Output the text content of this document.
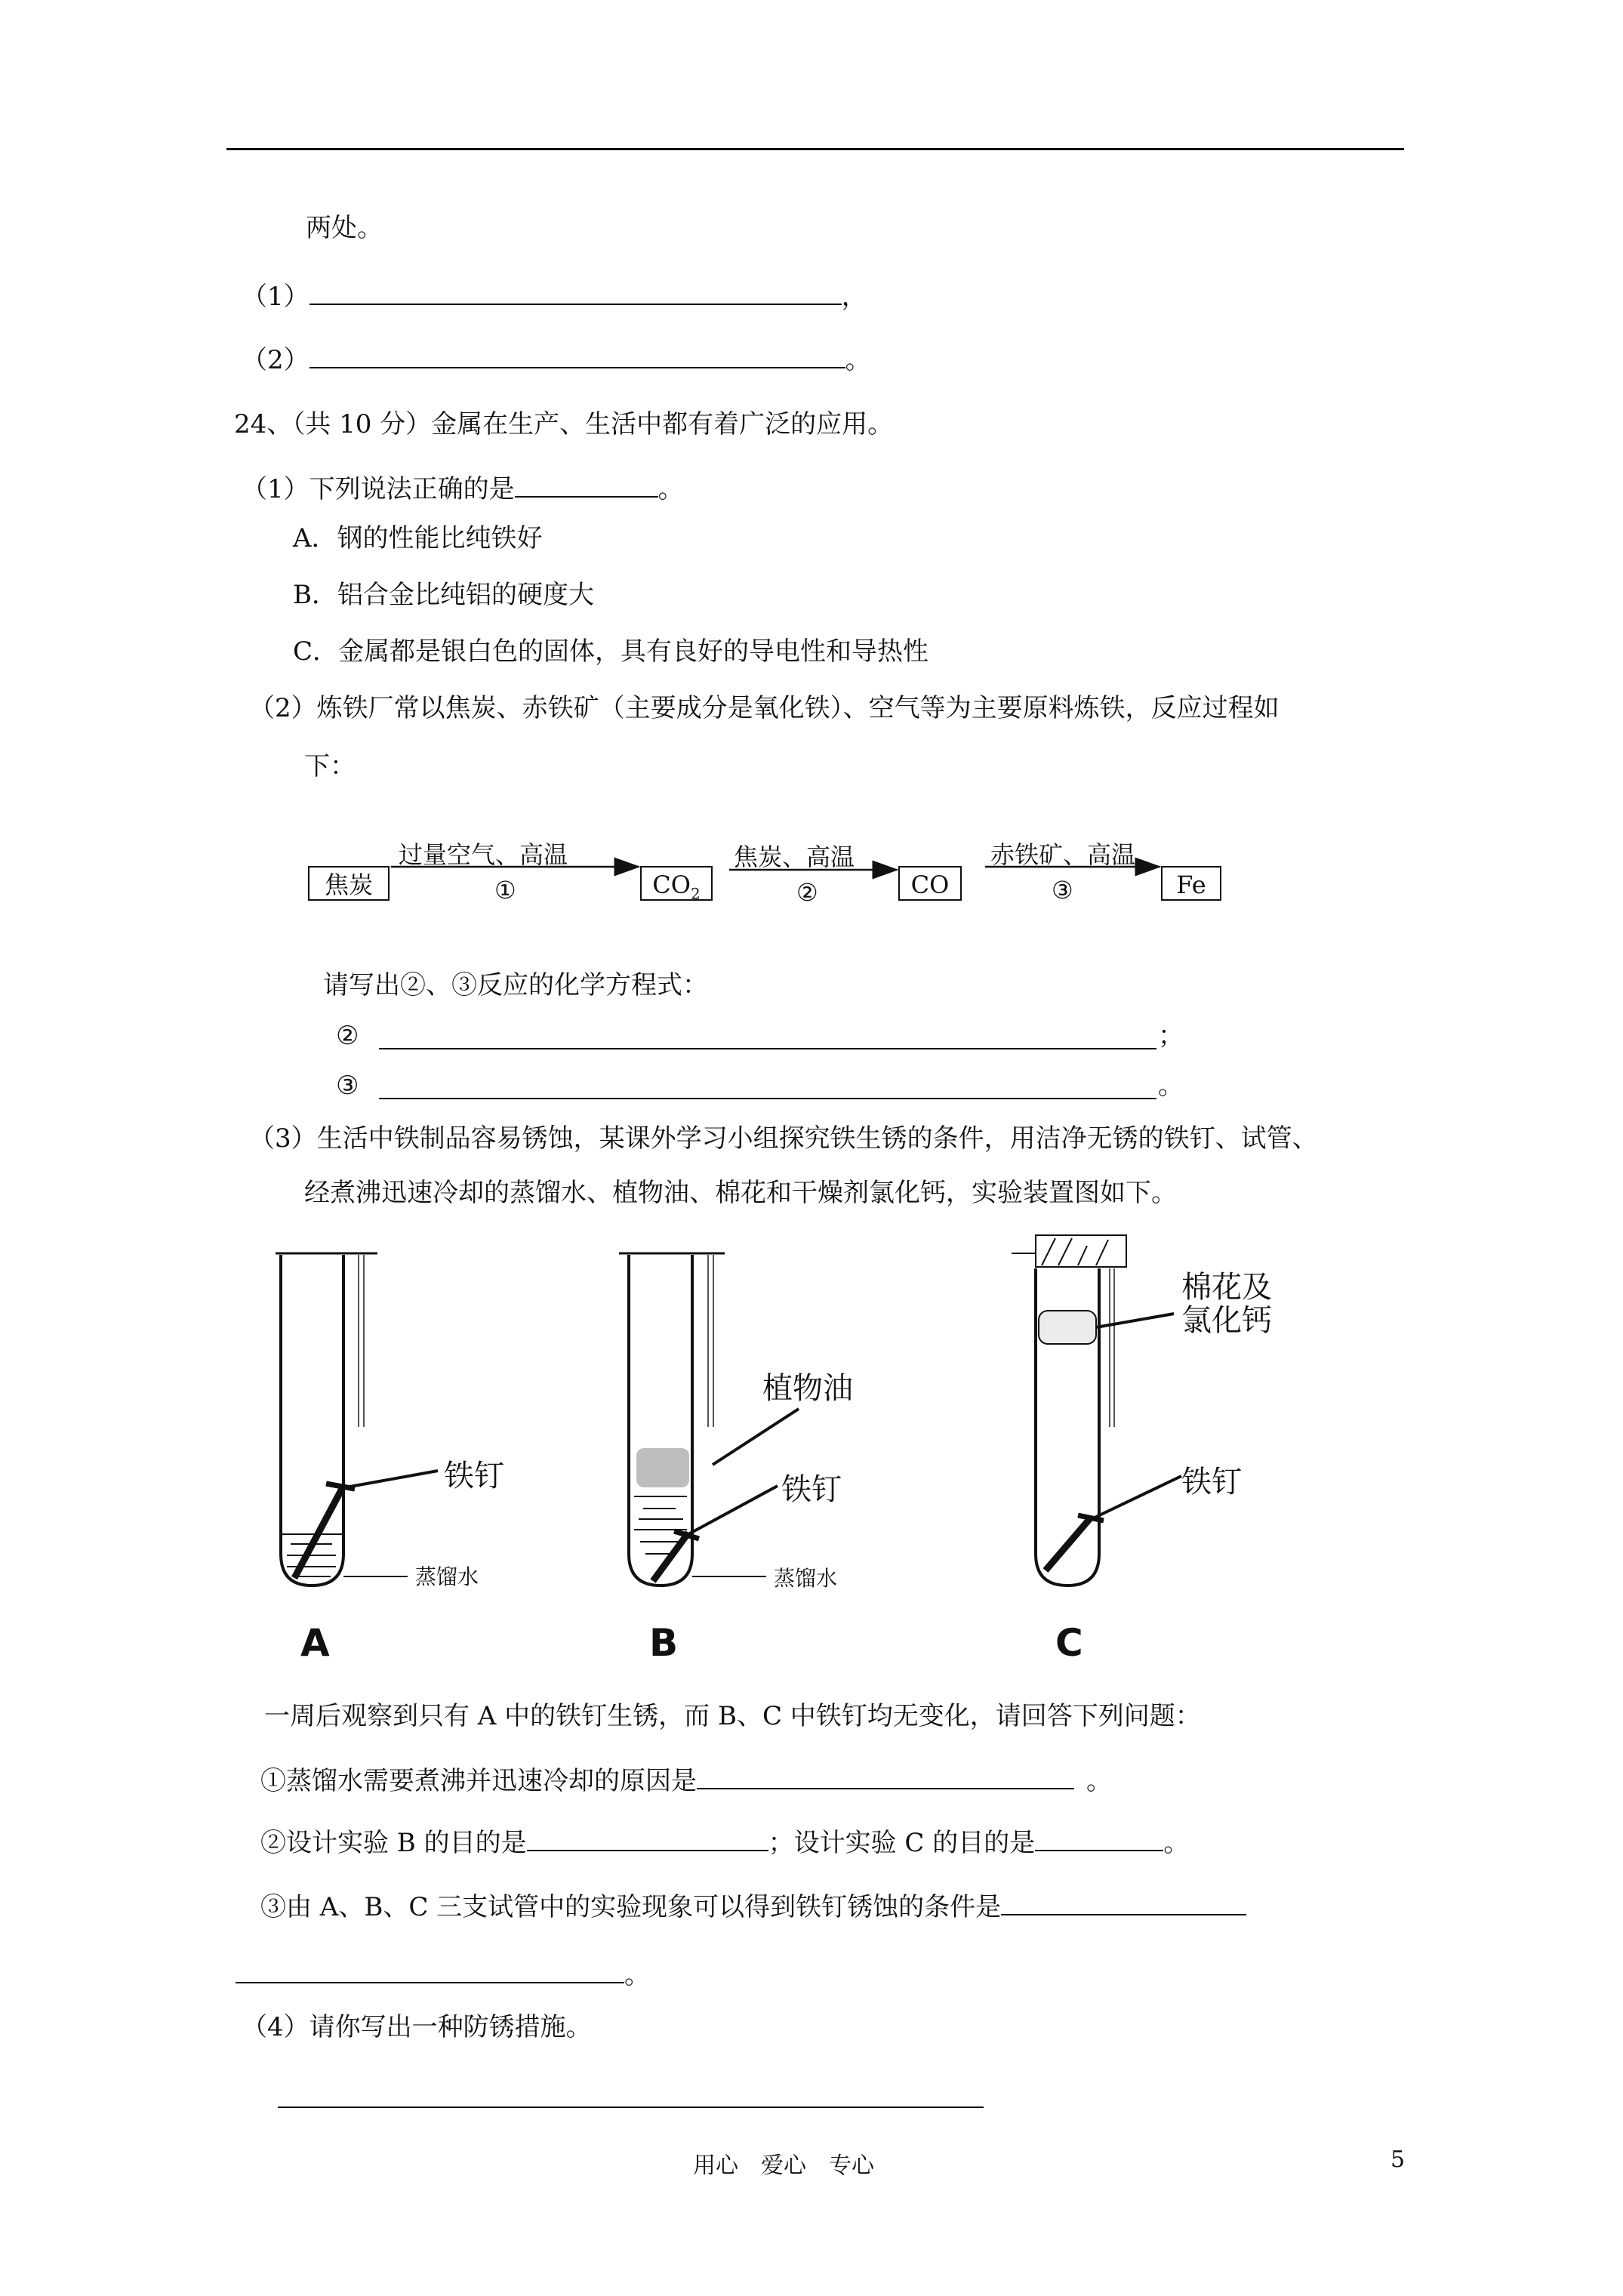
两处。
（1）	，
（2）	。
24、（共 10 分）金属在生产、生活中都有着广泛的应用。
（1）下列说法正确的是	。
A．钢的性能比纯铁好
B．铝合金比纯铝的硬度大
C．金属都是银白色的固体，具有良好的导电性和导热性
（2）炼铁厂常以焦炭、赤铁矿（主要成分是氧化铁）、空气等为主要原料炼铁，反应过程如
下：
焦炭
过量空气、高温
①	$CO_2$
焦炭、高温
②	CO
赤铁矿、高温
③	Fe
请写出②、③反应的化学方程式：
②	；
③	。
（3）生活中铁制品容易锈蚀，某课外学习小组探究铁生锈的条件，用洁净无锈的铁钉、试管、
经煮沸迅速冷却的蒸馏水、植物油、棉花和干燥剂氯化钙，实验装置图如下。
铁钉
蒸馏水
A
植物油
铁钉
蒸馏水
B
棉花及
氯化钙
铁钉
C
一周后观察到只有 A 中的铁钉生锈，而 B、C 中铁钉均无变化，请回答下列问题：
①蒸馏水需要煮沸并迅速冷却的原因是	。
②设计实验 B 的目的是	；设计实验 C 的目的是	。
③由 A、B、C 三支试管中的实验现象可以得到铁钉锈蚀的条件是
。
（4）请你写出一种防锈措施。
用心　爱心　专心	5
